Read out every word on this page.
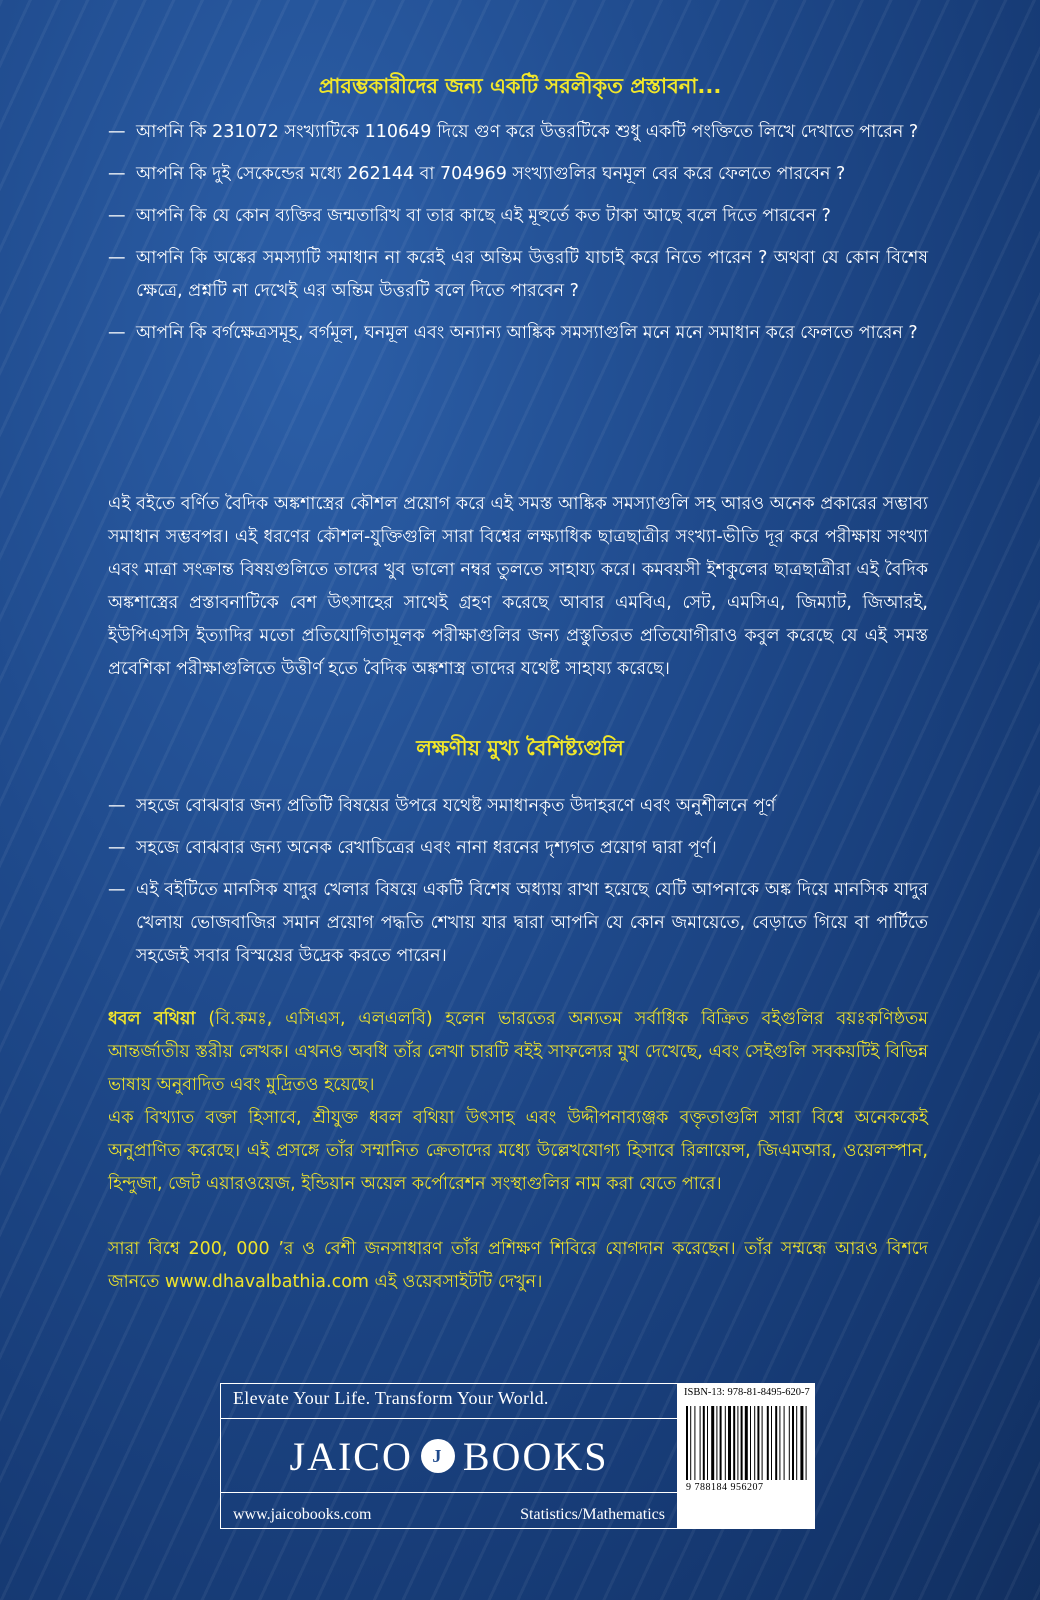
প্রারম্ভকারীদের জন্য একটি সরলীকৃত প্রস্তাবনা...
— আপনি কি 231072 সংখ্যাটিকে 110649 দিয়ে গুণ করে উত্তরটিকে শুধু একটি পংক্তিতে লিখে দেখাতে পারেন ?
— আপনি কি দুই সেকেন্ডের মধ্যে 262144 বা 704969 সংখ্যাগুলির ঘনমূল বের করে ফেলতে পারবেন ?
— আপনি কি যে কোন ব্যক্তির জন্মতারিখ বা তার কাছে এই মূহুর্তে কত টাকা আছে বলে দিতে পারবেন ?
— আপনি কি অঙ্কের সমস্যাটি সমাধান না করেই এর অন্তিম উত্তরটি যাচাই করে নিতে পারেন ? অথবা যে কোন বিশেষ ক্ষেত্রে, প্রশ্নটি না দেখেই এর অন্তিম উত্তরটি বলে দিতে পারবেন ?
— আপনি কি বর্গক্ষেত্রসমূহ, বর্গমূল, ঘনমূল এবং অন্যান্য আঙ্কিক সমস্যাগুলি মনে মনে সমাধান করে ফেলতে পারেন ?
এই বইতে বর্ণিত বৈদিক অঙ্কশাস্ত্রের কৌশল প্রয়োগ করে এই সমস্ত আঙ্কিক সমস্যাগুলি সহ আরও অনেক প্রকারের সম্ভাব্য সমাধান সম্ভবপর। এই ধরণের কৌশল-যুক্তিগুলি সারা বিশ্বের লক্ষ্যাধিক ছাত্রছাত্রীর সংখ্যা-ভীতি দূর করে পরীক্ষায় সংখ্যা এবং মাত্রা সংক্রান্ত বিষয়গুলিতে তাদের খুব ভালো নম্বর তুলতে সাহায্য করে। কমবয়সী ইশকুলের ছাত্রছাত্রীরা এই বৈদিক অঙ্কশাস্ত্রের প্রস্তাবনাটিকে বেশ উৎসাহের সাথেই গ্রহণ করেছে আবার এমবিএ, সেট, এমসিএ, জিম্যাট, জিআরই, ইউপিএসসি ইত্যাদির মতো প্রতিযোগিতামূলক পরীক্ষাগুলির জন্য প্রস্তুতিরত প্রতিযোগীরাও কবুল করেছে যে এই সমস্ত প্রবেশিকা পরীক্ষাগুলিতে উত্তীর্ণ হতে বৈদিক অঙ্কশাস্ত্র তাদের যথেষ্ট সাহায্য করেছে।
লক্ষণীয় মুখ্য বৈশিষ্ট্যগুলি
— সহজে বোঝবার জন্য প্রতিটি বিষয়ের উপরে যথেষ্ট সমাধানকৃত উদাহরণে এবং অনুশীলনে পূর্ণ
— সহজে বোঝবার জন্য অনেক রেখাচিত্রের এবং নানা ধরনের দৃশ্যগত প্রয়োগ দ্বারা পূর্ণ।
— এই বইটিতে মানসিক যাদুর খেলার বিষয়ে একটি বিশেষ অধ্যায় রাখা হয়েছে যেটি আপনাকে অঙ্ক দিয়ে মানসিক যাদুর খেলায় ভোজবাজির সমান প্রয়োগ পদ্ধতি শেখায় যার দ্বারা আপনি যে কোন জমায়েতে, বেড়াতে গিয়ে বা পার্টিতে সহজেই সবার বিস্ময়ের উদ্রেক করতে পারেন।
ধবল বথিয়া (বি.কমঃ, এসিএস, এলএলবি) হলেন ভারতের অন্যতম সর্বাধিক বিক্রিত বইগুলির বয়ঃকণিষ্ঠতম আন্তর্জাতীয় স্তরীয় লেখক। এখনও অবধি তাঁর লেখা চারটি বইই সাফল্যের মুখ দেখেছে, এবং সেইগুলি সবকয়টিই বিভিন্ন ভাষায় অনুবাদিত এবং মুদ্রিতও হয়েছে।
এক বিখ্যাত বক্তা হিসাবে, শ্রীযুক্ত ধবল বথিয়া উৎসাহ এবং উদ্দীপনাব্যঞ্জক বক্তৃতাগুলি সারা বিশ্বে অনেককেই অনুপ্রাণিত করেছে। এই প্রসঙ্গে তাঁর সম্মানিত ক্রেতাদের মধ্যে উল্লেখযোগ্য হিসাবে রিলায়েন্স, জিএমআর, ওয়েলস্পান, হিন্দুজা, জেট এয়ারওয়েজ, ইন্ডিয়ান অয়েল কর্পোরেশন সংস্থাগুলির নাম করা যেতে পারে।
সারা বিশ্বে 200, 000 ’র ও বেশী জনসাধারণ তাঁর প্রশিক্ষণ শিবিরে যোগদান করেছেন। তাঁর সম্মন্ধে আরও বিশদে জানতে www.dhavalbathia.com এই ওয়েবসাইটটি দেখুন।
Elevate Your Life. Transform Your World.
JAICO	J BOOKS
www.jaicobooks.com	Statistics/Mathematics
ISBN-13: 978-81-8495-620-7
9 788184 956207
